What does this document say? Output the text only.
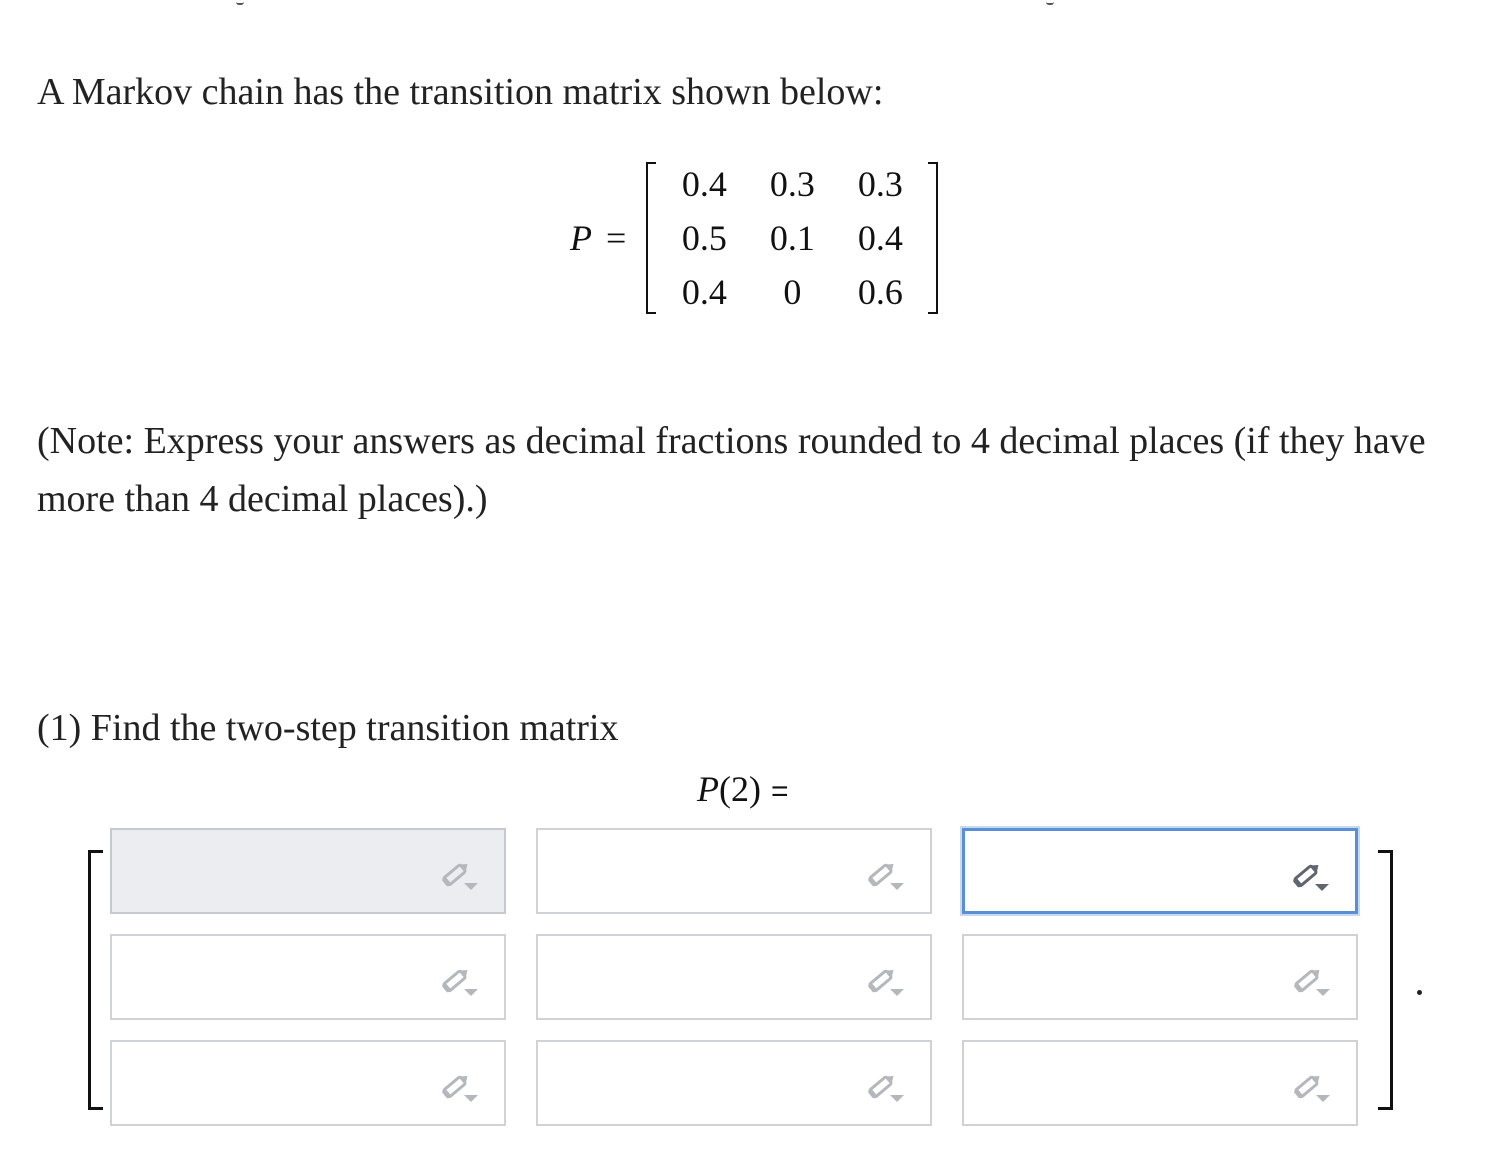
A Markov chain has the transition matrix shown below:

P =
0.4	0.3	0.3
0.5	0.1	0.4
0.4	0	0.6

(Note: Express your answers as decimal fractions rounded to 4 decimal places (if they have more than 4 decimal places).)

(1) Find the two-step transition matrix

P(2) =
